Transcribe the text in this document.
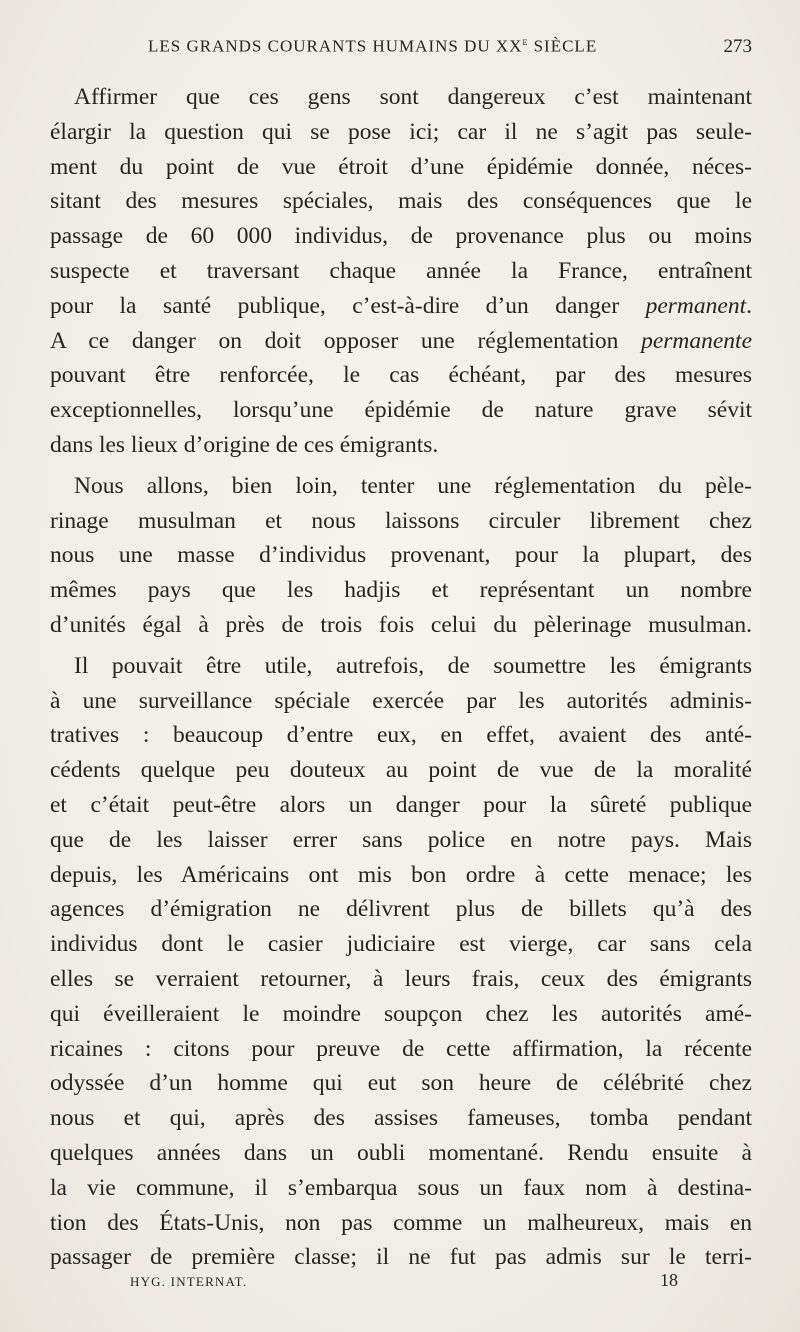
LES GRANDS COURANTS HUMAINS DU XXe SIÈCLE	273

Affirmer que ces gens sont dangereux c’est maintenant
élargir la question qui se pose ici; car il ne s’agit pas seule-
ment du point de vue étroit d’une épidémie donnée, néces-
sitant des mesures spéciales, mais des conséquences que le
passage de 60 000 individus, de provenance plus ou moins
suspecte et traversant chaque année la France, entraînent
pour la santé publique, c’est-à-dire d’un danger permanent.
A ce danger on doit opposer une réglementation permanente
pouvant être renforcée, le cas échéant, par des mesures
exceptionnelles, lorsqu’une épidémie de nature grave sévit
dans les lieux d’origine de ces émigrants.

Nous allons, bien loin, tenter une réglementation du pèle-
rinage musulman et nous laissons circuler librement chez
nous une masse d’individus provenant, pour la plupart, des
mêmes pays que les hadjis et représentant un nombre
d’unités égal à près de trois fois celui du pèlerinage musulman.

Il pouvait être utile, autrefois, de soumettre les émigrants
à une surveillance spéciale exercée par les autorités adminis-
tratives : beaucoup d’entre eux, en effet, avaient des anté-
cédents quelque peu douteux au point de vue de la moralité
et c’était peut-être alors un danger pour la sûreté publique
que de les laisser errer sans police en notre pays. Mais
depuis, les Américains ont mis bon ordre à cette menace; les
agences d’émigration ne délivrent plus de billets qu’à des
individus dont le casier judiciaire est vierge, car sans cela
elles se verraient retourner, à leurs frais, ceux des émigrants
qui éveilleraient le moindre soupçon chez les autorités amé-
ricaines : citons pour preuve de cette affirmation, la récente
odyssée d’un homme qui eut son heure de célébrité chez
nous et qui, après des assises fameuses, tomba pendant
quelques années dans un oubli momentané. Rendu ensuite à
la vie commune, il s’embarqua sous un faux nom à destina-
tion des États-Unis, non pas comme un malheureux, mais en
passager de première classe; il ne fut pas admis sur le terri-

HYG. INTERNAT.	18
